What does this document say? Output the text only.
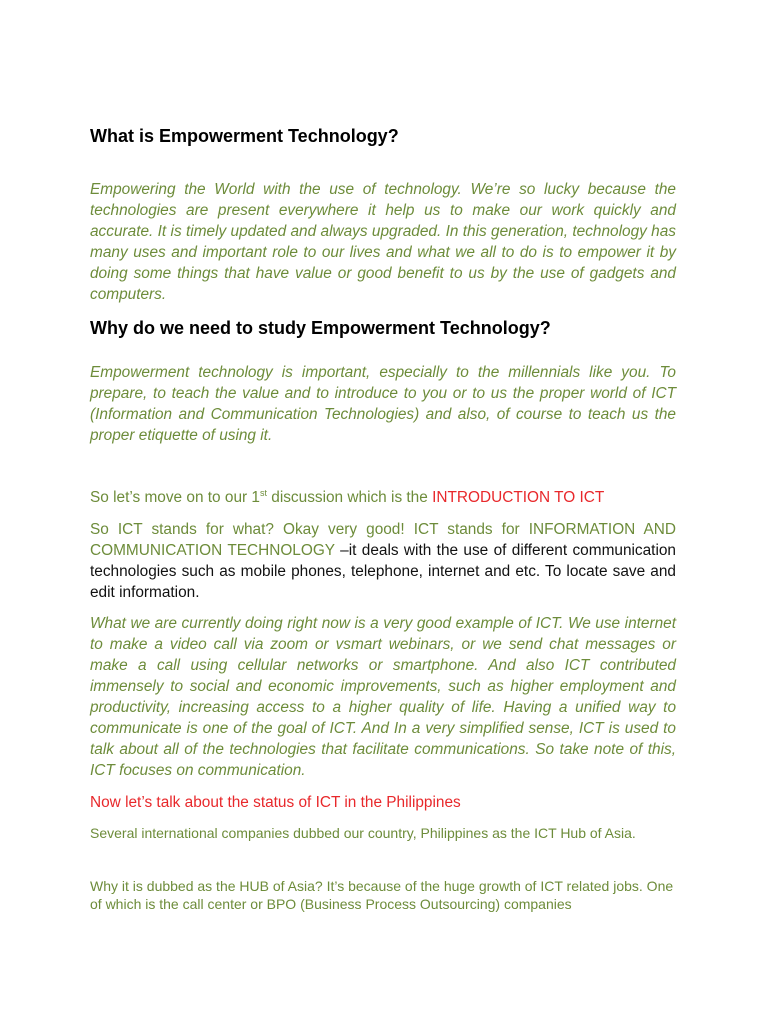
What is Empowerment Technology?

Empowering the World with the use of technology. We’re so lucky because the technologies are present everywhere it help us to make our work quickly and accurate. It is timely updated and always upgraded. In this generation, technology has many uses and important role to our lives and what we all to do is to empower it by doing some things that have value or good benefit to us by the use of gadgets and computers.

Why do we need to study Empowerment Technology?

Empowerment technology is important, especially to the millennials like you. To prepare, to teach the value and to introduce to you or to us the proper world of ICT (Information and Communication Technologies) and also, of course to teach us the proper etiquette of using it.

So let’s move on to our 1st discussion which is the INTRODUCTION TO ICT

So ICT stands for what? Okay very good! ICT stands for INFORMATION AND COMMUNICATION TECHNOLOGY –it deals with the use of different communication technologies such as mobile phones, telephone, internet and etc. To locate save and edit information.

What we are currently doing right now is a very good example of ICT. We use internet to make a video call via zoom or vsmart webinars, or we send chat messages or make a call using cellular networks or smartphone. And also ICT contributed immensely to social and economic improvements, such as higher employment and productivity, increasing access to a higher quality of life. Having a unified way to communicate is one of the goal of ICT. And In a very simplified sense, ICT is used to talk about all of the technologies that facilitate communications. So take note of this, ICT focuses on communication.

Now let’s talk about the status of ICT in the Philippines

Several international companies dubbed our country, Philippines as the ICT Hub of Asia.

Why it is dubbed as the HUB of Asia? It’s because of the huge growth of ICT related jobs. One of which is the call center or BPO (Business Process Outsourcing) companies
